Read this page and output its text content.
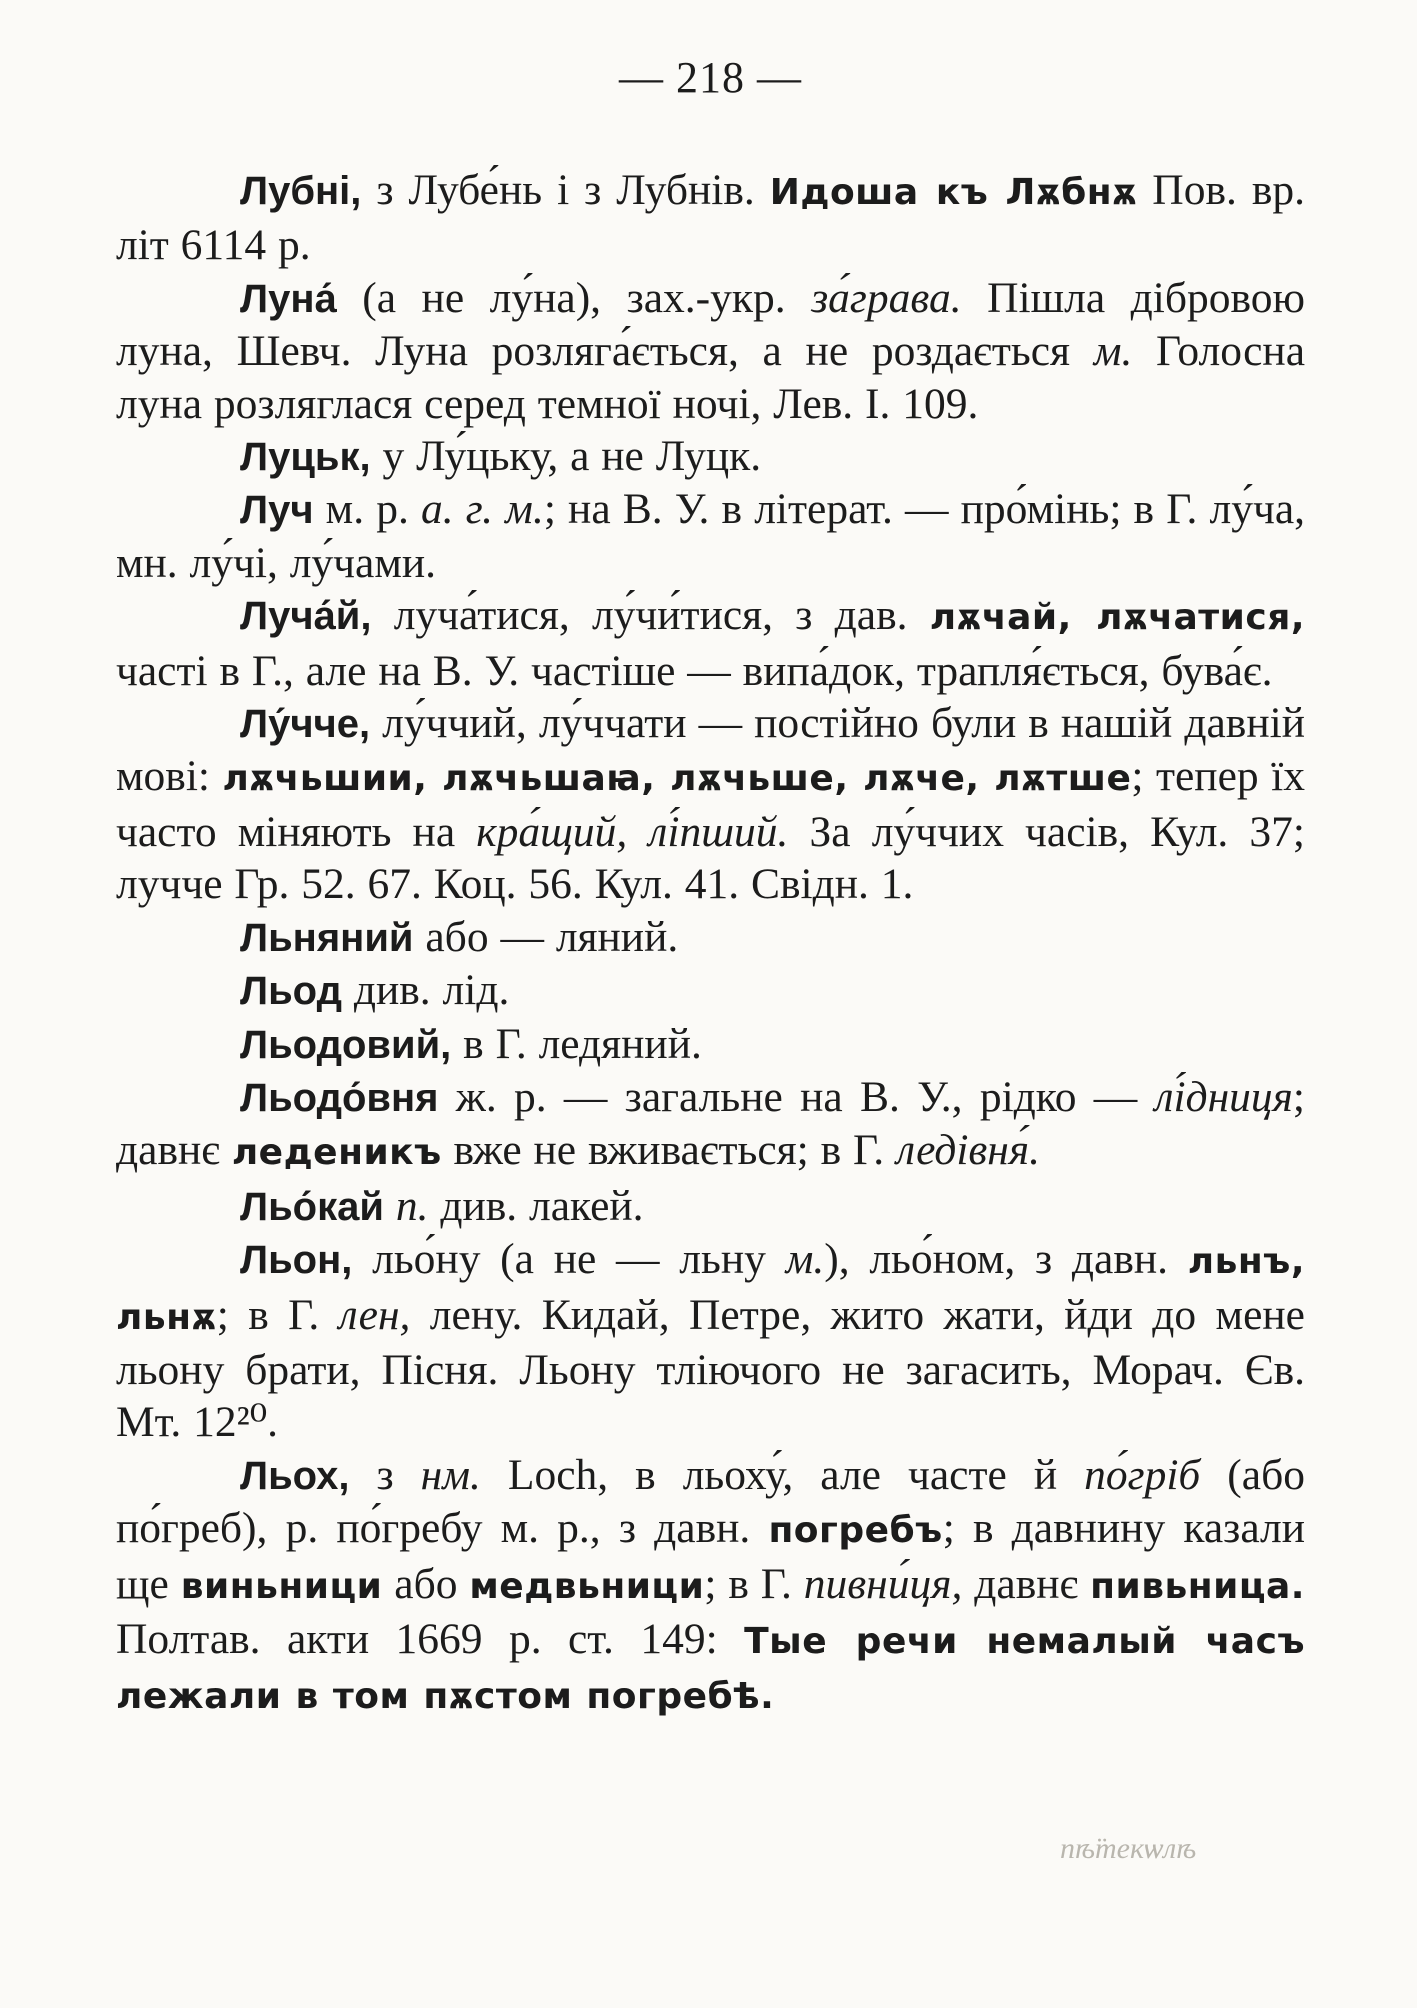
— 218 —

Лубні, з Лубе́нь і з Лубнів. Идоша къ Лѫбнѫ Пов. вр. літ 6114 р.

Луна́ (а не лу́на), зах.-укр. за́грава. Пішла дібровою луна, Шевч. Луна розляга́ється, а не роздається м. Голосна луна розляглася серед темної ночі, Лев. І. 109.

Луцьк, у Лу́цьку, а не Луцк.

Луч м. р. а. г. м.; на В. У. в літерат. — про́мінь; в Г. лу́ча, мн. лу́чі, лу́чами.

Луча́й, луча́тися, лу́чи́тися, з дав. лѫчай, лѫчатися, часті в Г., але на В. У. частіше — випа́док, трапля́ється, бува́є.

Лу́чче, лу́ччий, лу́ччати — постійно були в нашій давній мові: лѫчьшии, лѫчьшаꙗ, лѫчьше, лѫче, лѫтше; тепер їх часто міняють на кра́щий, лі́пший. За лу́ччих часів, Кул. 37; лучче Гр. 52. 67. Коц. 56. Кул. 41. Свідн. 1.

Льняний або — ляний.

Льод див. лід.

Льодовий, в Г. ледяний.

Льодо́вня ж. р. — загальне на В. У., рідко — лі́дниця; давнє леденикъ вже не вживається; в Г. ледівня́.

Льо́кай п. див. лакей.

Льон, льо́ну (а не — льну м.), льо́ном, з давн. льнъ, льнѫ; в Г. лен, лену. Кидай, Петре, жито жати, йди до мене льону брати, Пісня. Льону тліючого не загасить, Морач. Єв. Мт. 12²⁰.

Льох, з нм. Loch, в льоху́, але часте й по́гріб (або по́греб), р. по́гребу м. р., з давн. погребъ; в давнину казали ще виньници або медвьници; в Г. пивни́ця, давнє пивьница. Полтав. акти 1669 р. ст. 149: Тые речи немалый часъ лежали в том пѫстом погребѣ.

пѣ̈текѡлѣ
